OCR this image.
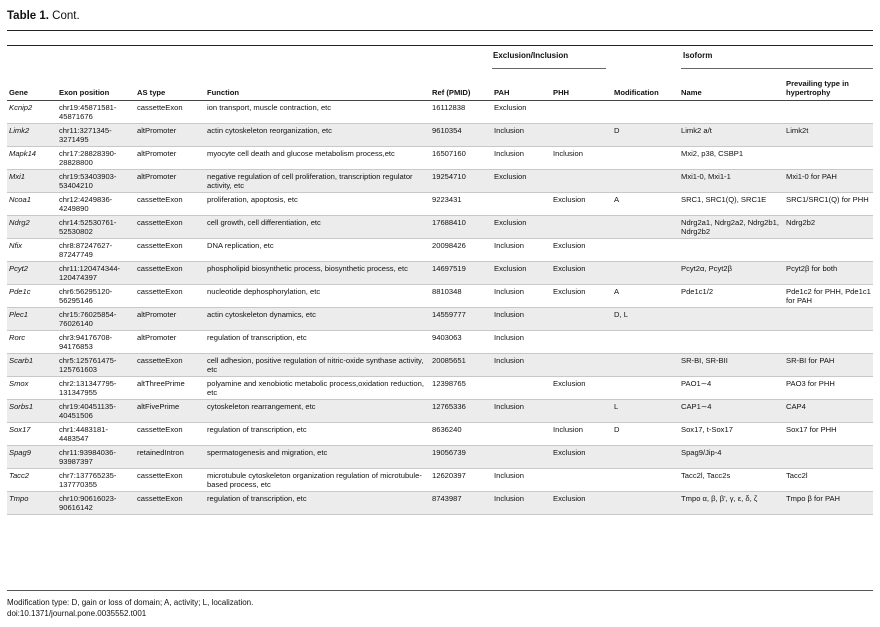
Table 1. Cont.
Exclusion/Inclusion	Isoform
Gene	Exon position	AS type	Function	Ref (PMID)	PAH	PHH	Modification	Name	Prevailing type in hypertrophy
Kcnip2	chr19:45871581-45871676	cassetteExon	ion transport, muscle contraction, etc	16112838	Exclusion				
Limk2	chr11:3271345-3271495	altPromoter	actin cytoskeleton reorganization, etc	9610354	Inclusion		D	Limk2 a/t	Limk2t
Mapk14	chr17:28828390-28828800	altPromoter	myocyte cell death and glucose metabolism process,etc	16507160	Inclusion	Inclusion		Mxi2, p38, CSBP1	
Mxi1	chr19:53403903-53404210	altPromoter	negative regulation of cell proliferation, transcription regulator activity, etc	19254710	Exclusion			Mxi1-0, Mxi1-1	Mxi1-0 for PAH
Ncoa1	chr12:4249836-4249890	cassetteExon	proliferation, apoptosis, etc	9223431		Exclusion	A	SRC1, SRC1(Q), SRC1E	SRC1/SRC1(Q) for PHH
Ndrg2	chr14:52530761-52530802	cassetteExon	cell growth, cell differentiation, etc	17688410	Exclusion			Ndrg2a1, Ndrg2a2, Ndrg2b1, Ndrg2b2	Ndrg2b2
Nfix	chr8:87247627-87247749	cassetteExon	DNA replication, etc	20098426	Inclusion	Exclusion			
Pcyt2	chr11:120474344-120474397	cassetteExon	phospholipid biosynthetic process, biosynthetic process, etc	14697519	Exclusion	Exclusion		Pcyt2α, Pcyt2β	Pcyt2β for both
Pde1c	chr6:56295120-56295146	cassetteExon	nucleotide dephosphorylation, etc	8810348	Inclusion	Exclusion	A	Pde1c1/2	Pde1c2 for PHH, Pde1c1 for PAH
Plec1	chr15:76025854-76026140	altPromoter	actin cytoskeleton dynamics, etc	14559777	Inclusion		D, L		
Rorc	chr3:94176708-94176853	altPromoter	regulation of transcription, etc	9403063	Inclusion				
Scarb1	chr5:125761475-125761603	cassetteExon	cell adhesion, positive regulation of nitric-oxide synthase activity, etc	20085651	Inclusion			SR-BI, SR-BII	SR-BI for PAH
Smox	chr2:131347795-131347955	altThreePrime	polyamine and xenobiotic metabolic process,oxidation reduction, etc	12398765		Exclusion		PAO1∼4	PAO3 for PHH
Sorbs1	chr19:40451135-40451506	altFivePrime	cytoskeleton rearrangement, etc	12765336	Inclusion		L	CAP1∼4	CAP4
Sox17	chr1:4483181-4483547	cassetteExon	regulation of transcription, etc	8636240		Inclusion	D	Sox17, t-Sox17	Sox17 for PHH
Spag9	chr11:93984036-93987397	retainedIntron	spermatogenesis and migration, etc	19056739		Exclusion		Spag9/Jip-4	
Tacc2	chr7:137765235-137770355	cassetteExon	microtubule cytoskeleton organization regulation of microtubule-based process, etc	12620397	Inclusion			Tacc2l, Tacc2s	Tacc2l
Tmpo	chr10:90616023-90616142	cassetteExon	regulation of transcription, etc	8743987	Inclusion	Exclusion		Tmpo α, β, β', γ, ε, δ, ζ	Tmpo β for PAH
Modification type: D, gain or loss of domain; A, activity; L, localization.
doi:10.1371/journal.pone.0035552.t001
